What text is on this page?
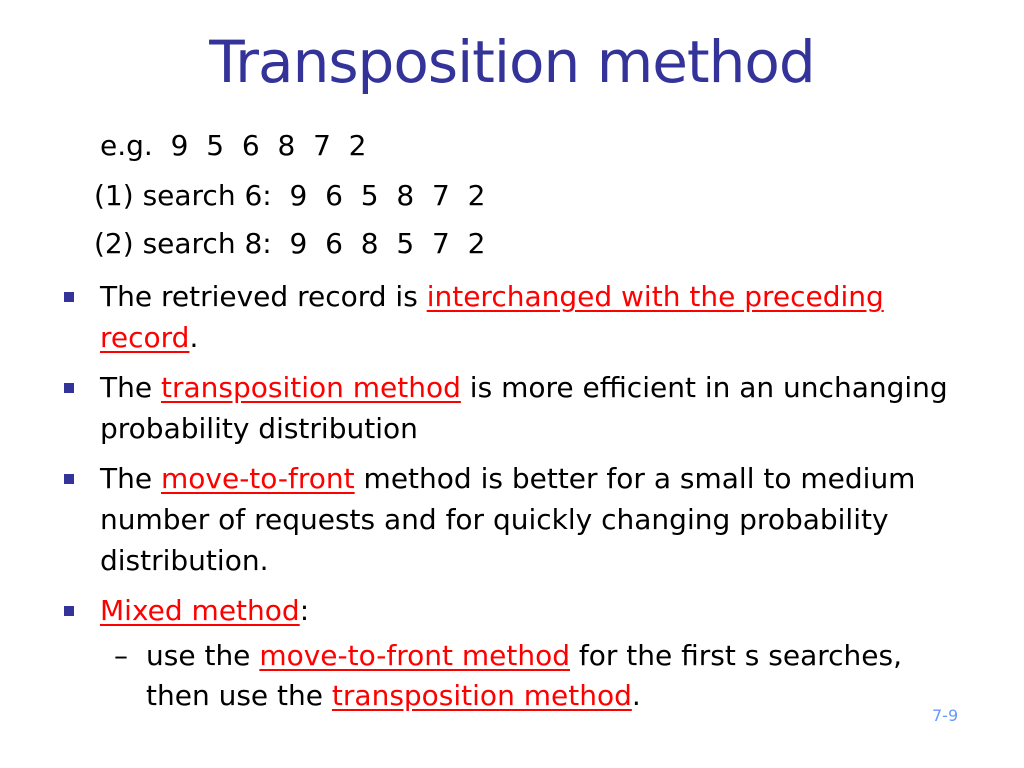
Transposition method
e.g.  9  5  6  8  7  2
(1) search 6:  9  6  5  8  7  2
(2) search 8:  9  6  8  5  7  2
The retrieved record is interchanged with the preceding record.
The transposition method is more efficient in an unchanging probability distribution
The move-to-front method is better for a small to medium number of requests and for quickly changing probability distribution.
Mixed method:
– use the move-to-front method for the first s searches, then use the transposition method.
7-9
